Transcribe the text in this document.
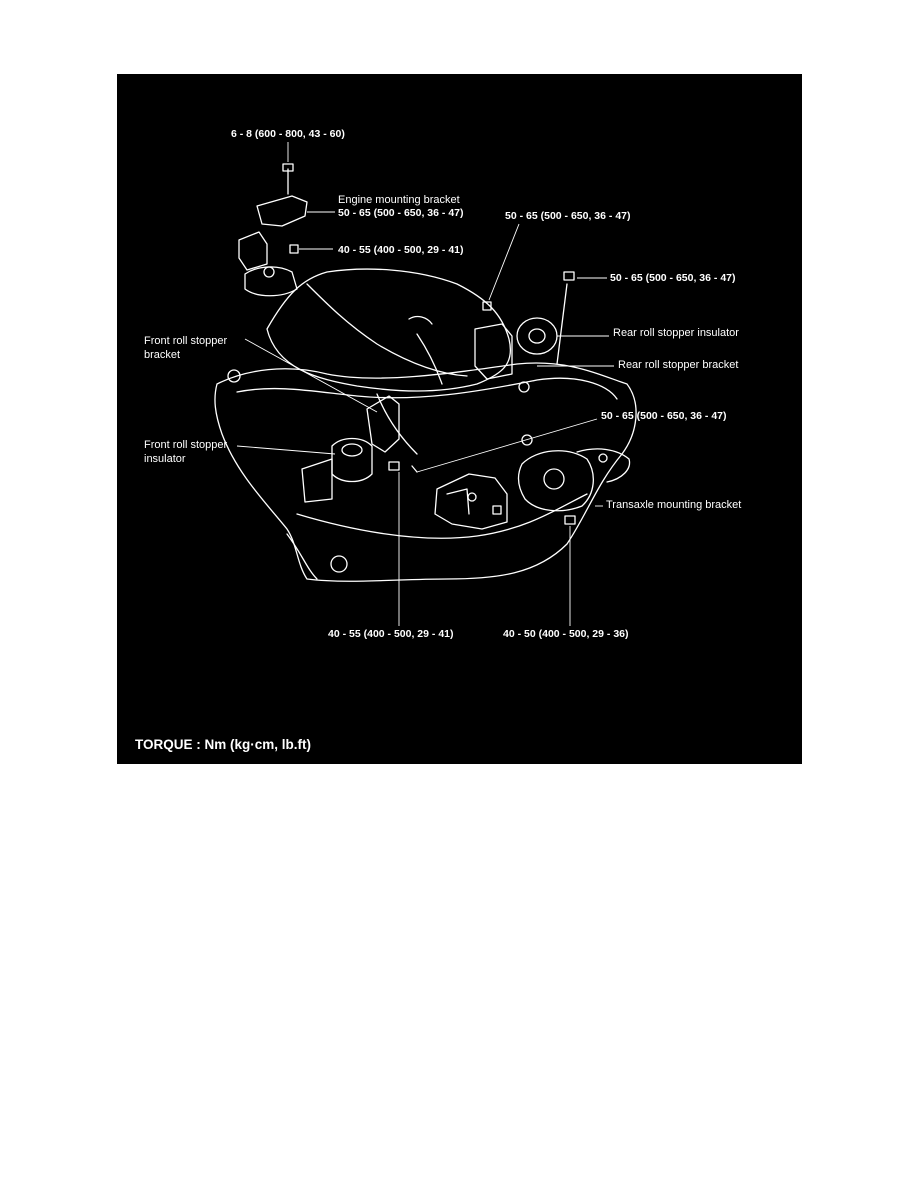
6 - 8 (600 - 800, 43 - 60)
Engine mounting bracket
50 - 65 (500 - 650, 36 - 47)
40 - 55 (400 - 500, 29 - 41)
50 - 65 (500 - 650, 36 - 47)
50 - 65 (500 - 650, 36 - 47)
Rear roll stopper insulator
Rear roll stopper bracket
Front roll stopper
bracket
50 - 65 (500 - 650, 36 - 47)
Front roll stopper
insulator
Transaxle mounting bracket
40 - 55 (400 - 500, 29 - 41)	40 - 50 (400 - 500, 29 - 36)
TORQUE : Nm (kg·cm, lb.ft)
